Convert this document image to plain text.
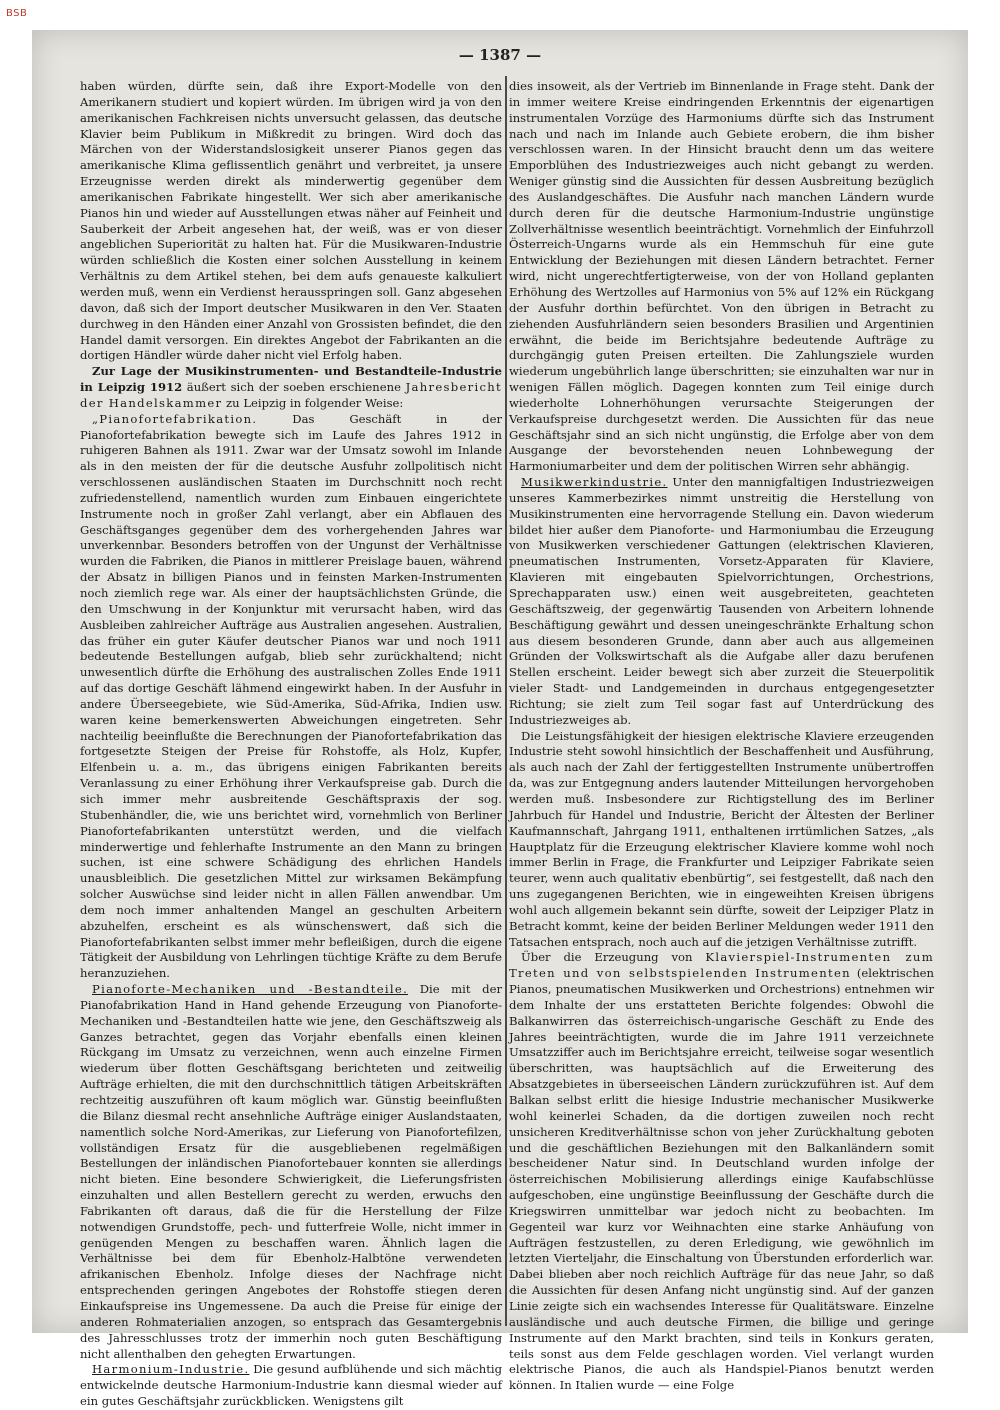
BSB
— 1387 —

haben würden, dürfte sein, daß ihre Export-Modelle von den Amerikanern studiert und kopiert würden. Im übrigen wird ja von den amerikanischen Fachkreisen nichts unversucht gelassen, das deutsche Klavier beim Publikum in Mißkredit zu bringen. Wird doch das Märchen von der Widerstandslosigkeit unserer Pianos gegen das amerikanische Klima geflissentlich genährt und verbreitet, ja unsere Erzeugnisse werden direkt als minderwertig gegenüber dem amerikanischen Fabrikate hingestellt. Wer sich aber amerikanische Pianos hin und wieder auf Ausstellungen etwas näher auf Feinheit und Sauberkeit der Arbeit angesehen hat, der weiß, was er von dieser angeblichen Superiorität zu halten hat. Für die Musikwaren-Industrie würden schließlich die Kosten einer solchen Ausstellung in keinem Verhältnis zu dem Artikel stehen, bei dem aufs genaueste kalkuliert werden muß, wenn ein Verdienst herausspringen soll. Ganz abgesehen davon, daß sich der Import deutscher Musikwaren in den Ver. Staaten durchweg in den Händen einer Anzahl von Grossisten befindet, die den Handel damit versorgen. Ein direktes Angebot der Fabrikanten an die dortigen Händler würde daher nicht viel Erfolg haben.

Zur Lage der Musikinstrumenten- und Bestandteile-Industrie in Leipzig 1912 äußert sich der soeben erschienene Jahresbericht der Handelskammer zu Leipzig in folgender Weise:

„Pianofortefabrikation. Das Geschäft in der Pianofortefabrikation bewegte sich im Laufe des Jahres 1912 in ruhigeren Bahnen als 1911. Zwar war der Umsatz sowohl im Inlande als in den meisten der für die deutsche Ausfuhr zollpolitisch nicht verschlossenen ausländischen Staaten im Durchschnitt noch recht zufriedenstellend, namentlich wurden zum Einbauen eingerichtete Instrumente noch in großer Zahl verlangt, aber ein Abflauen des Geschäftsganges gegenüber dem des vorhergehenden Jahres war unverkennbar. Besonders betroffen von der Ungunst der Verhältnisse wurden die Fabriken, die Pianos in mittlerer Preislage bauen, während der Absatz in billigen Pianos und in feinsten Marken-Instrumenten noch ziemlich rege war. Als einer der hauptsächlichsten Gründe, die den Umschwung in der Konjunktur mit verursacht haben, wird das Ausbleiben zahlreicher Aufträge aus Australien angesehen. Australien, das früher ein guter Käufer deutscher Pianos war und noch 1911 bedeutende Bestellungen aufgab, blieb sehr zurückhaltend; nicht unwesentlich dürfte die Erhöhung des australischen Zolles Ende 1911 auf das dortige Geschäft lähmend eingewirkt haben. In der Ausfuhr in andere Überseegebiete, wie Süd-Amerika, Süd-Afrika, Indien usw. waren keine bemerkenswerten Abweichungen eingetreten. Sehr nachteilig beeinflußte die Berechnungen der Pianofortefabrikation das fortgesetzte Steigen der Preise für Rohstoffe, als Holz, Kupfer, Elfenbein u. a. m., das übrigens einigen Fabrikanten bereits Veranlassung zu einer Erhöhung ihrer Verkaufspreise gab. Durch die sich immer mehr ausbreitende Geschäftspraxis der sog. Stubenhändler, die, wie uns berichtet wird, vornehmlich von Berliner Pianofortefabrikanten unterstützt werden, und die vielfach minderwertige und fehlerhafte Instrumente an den Mann zu bringen suchen, ist eine schwere Schädigung des ehrlichen Handels unausbleiblich. Die gesetzlichen Mittel zur wirksamen Bekämpfung solcher Auswüchse sind leider nicht in allen Fällen anwendbar. Um dem noch immer anhaltenden Mangel an geschulten Arbeitern abzuhelfen, erscheint es als wünschenswert, daß sich die Pianofortefabrikanten selbst immer mehr befleißigen, durch die eigene Tätigkeit der Ausbildung von Lehrlingen tüchtige Kräfte zu dem Berufe heranzuziehen.

Pianoforte-Mechaniken und -Bestandteile. Die mit der Pianofabrikation Hand in Hand gehende Erzeugung von Pianoforte-Mechaniken und -Bestandteilen hatte wie jene, den Geschäftszweig als Ganzes betrachtet, gegen das Vorjahr ebenfalls einen kleinen Rückgang im Umsatz zu verzeichnen, wenn auch einzelne Firmen wiederum über flotten Geschäftsgang berichteten und zeitweilig Aufträge erhielten, die mit den durchschnittlich tätigen Arbeitskräften rechtzeitig auszuführen oft kaum möglich war. Günstig beeinflußten die Bilanz diesmal recht ansehnliche Aufträge einiger Auslandstaaten, namentlich solche Nord-Amerikas, zur Lieferung von Pianofortefilzen, vollständigen Ersatz für die ausgebliebenen regelmäßigen Bestellungen der inländischen Pianofortebauer konnten sie allerdings nicht bieten. Eine besondere Schwierigkeit, die Lieferungsfristen einzuhalten und allen Bestellern gerecht zu werden, erwuchs den Fabrikanten oft daraus, daß die für die Herstellung der Filze notwendigen Grundstoffe, pech- und futterfreie Wolle, nicht immer in genügenden Mengen zu beschaffen waren. Ähnlich lagen die Verhältnisse bei dem für Ebenholz-Halbtöne verwendeten afrikanischen Ebenholz. Infolge dieses der Nachfrage nicht entsprechenden geringen Angebotes der Rohstoffe stiegen deren Einkaufspreise ins Ungemessene. Da auch die Preise für einige der anderen Rohmaterialien anzogen, so entsprach das Gesamtergebnis des Jahresschlusses trotz der immerhin noch guten Beschäftigung nicht allenthalben den gehegten Erwartungen.

Harmonium-Industrie. Die gesund aufblühende und sich mächtig entwickelnde deutsche Harmonium-Industrie kann diesmal wieder auf ein gutes Geschäftsjahr zurückblicken. Wenigstens gilt

dies insoweit, als der Vertrieb im Binnenlande in Frage steht. Dank der in immer weitere Kreise eindringenden Erkenntnis der eigenartigen instrumentalen Vorzüge des Harmoniums dürfte sich das Instrument nach und nach im Inlande auch Gebiete erobern, die ihm bisher verschlossen waren. In der Hinsicht braucht denn um das weitere Emporblühen des Industriezweiges auch nicht gebangt zu werden. Weniger günstig sind die Aussichten für dessen Ausbreitung bezüglich des Auslandgeschäftes. Die Ausfuhr nach manchen Ländern wurde durch deren für die deutsche Harmonium-Industrie ungünstige Zollverhältnisse wesentlich beeinträchtigt. Vornehmlich der Einfuhrzoll Österreich-Ungarns wurde als ein Hemmschuh für eine gute Entwicklung der Beziehungen mit diesen Ländern betrachtet. Ferner wird, nicht ungerechtfertigterweise, von der von Holland geplanten Erhöhung des Wertzolles auf Harmonius von 5% auf 12% ein Rückgang der Ausfuhr dorthin befürchtet. Von den übrigen in Betracht zu ziehenden Ausfuhrländern seien besonders Brasilien und Argentinien erwähnt, die beide im Berichtsjahre bedeutende Aufträge zu durchgängig guten Preisen erteilten. Die Zahlungsziele wurden wiederum ungebührlich lange überschritten; sie einzuhalten war nur in wenigen Fällen möglich. Dagegen konnten zum Teil einige durch wiederholte Lohnerhöhungen verursachte Steigerungen der Verkaufspreise durchgesetzt werden. Die Aussichten für das neue Geschäftsjahr sind an sich nicht ungünstig, die Erfolge aber von dem Ausgange der bevorstehenden neuen Lohnbewegung der Harmoniumarbeiter und dem der politischen Wirren sehr abhängig.

Musikwerkindustrie. Unter den mannigfaltigen Industriezweigen unseres Kammerbezirkes nimmt unstreitig die Herstellung von Musikinstrumenten eine hervorragende Stellung ein. Davon wiederum bildet hier außer dem Pianoforte- und Harmoniumbau die Erzeugung von Musikwerken verschiedener Gattungen (elektrischen Klavieren, pneumatischen Instrumenten, Vorsetz-Apparaten für Klaviere, Klavieren mit eingebauten Spielvorrichtungen, Orchestrions, Sprechapparaten usw.) einen weit ausgebreiteten, geachteten Geschäftszweig, der gegenwärtig Tausenden von Arbeitern lohnende Beschäftigung gewährt und dessen uneingeschränkte Erhaltung schon aus diesem besonderen Grunde, dann aber auch aus allgemeinen Gründen der Volkswirtschaft als die Aufgabe aller dazu berufenen Stellen erscheint. Leider bewegt sich aber zurzeit die Steuerpolitik vieler Stadt- und Landgemeinden in durchaus entgegengesetzter Richtung; sie zielt zum Teil sogar fast auf Unterdrückung des Industriezweiges ab.

Die Leistungsfähigkeit der hiesigen elektrische Klaviere erzeugenden Industrie steht sowohl hinsichtlich der Beschaffenheit und Ausführung, als auch nach der Zahl der fertiggestellten Instrumente unübertroffen da, was zur Entgegnung anders lautender Mitteilungen hervorgehoben werden muß. Insbesondere zur Richtigstellung des im Berliner Jahrbuch für Handel und Industrie, Bericht der Ältesten der Berliner Kaufmannschaft, Jahrgang 1911, enthaltenen irrtümlichen Satzes, „als Hauptplatz für die Erzeugung elektrischer Klaviere komme wohl noch immer Berlin in Frage, die Frankfurter und Leipziger Fabrikate seien teurer, wenn auch qualitativ ebenbürtig“, sei festgestellt, daß nach den uns zugegangenen Berichten, wie in eingeweihten Kreisen übrigens wohl auch allgemein bekannt sein dürfte, soweit der Leipziger Platz in Betracht kommt, keine der beiden Berliner Meldungen weder 1911 den Tatsachen entsprach, noch auch auf die jetzigen Verhältnisse zutrifft.

Über die Erzeugung von Klavierspiel-Instrumenten zum Treten und von selbstspielenden Instrumenten (elektrischen Pianos, pneumatischen Musikwerken und Orchestrions) entnehmen wir dem Inhalte der uns erstatteten Berichte folgendes: Obwohl die Balkanwirren das österreichisch-ungarische Geschäft zu Ende des Jahres beeinträchtigten, wurde die im Jahre 1911 verzeichnete Umsatzziffer auch im Berichtsjahre erreicht, teilweise sogar wesentlich überschritten, was hauptsächlich auf die Erweiterung des Absatzgebietes in überseeischen Ländern zurückzuführen ist. Auf dem Balkan selbst erlitt die hiesige Industrie mechanischer Musikwerke wohl keinerlei Schaden, da die dortigen zuweilen noch recht unsicheren Kreditverhältnisse schon von jeher Zurückhaltung geboten und die geschäftlichen Beziehungen mit den Balkanländern somit bescheidener Natur sind. In Deutschland wurden infolge der österreichischen Mobilisierung allerdings einige Kaufabschlüsse aufgeschoben, eine ungünstige Beeinflussung der Geschäfte durch die Kriegswirren unmittelbar war jedoch nicht zu beobachten. Im Gegenteil war kurz vor Weihnachten eine starke Anhäufung von Aufträgen festzustellen, zu deren Erledigung, wie gewöhnlich im letzten Vierteljahr, die Einschaltung von Überstunden erforderlich war. Dabei blieben aber noch reichlich Aufträge für das neue Jahr, so daß die Aussichten für desen Anfang nicht ungünstig sind. Auf der ganzen Linie zeigte sich ein wachsendes Interesse für Qualitätsware. Einzelne ausländische und auch deutsche Firmen, die billige und geringe Instrumente auf den Markt brachten, sind teils in Konkurs geraten, teils sonst aus dem Felde geschlagen worden. Viel verlangt wurden elektrische Pianos, die auch als Handspiel-Pianos benutzt werden können. In Italien wurde — eine Folge
